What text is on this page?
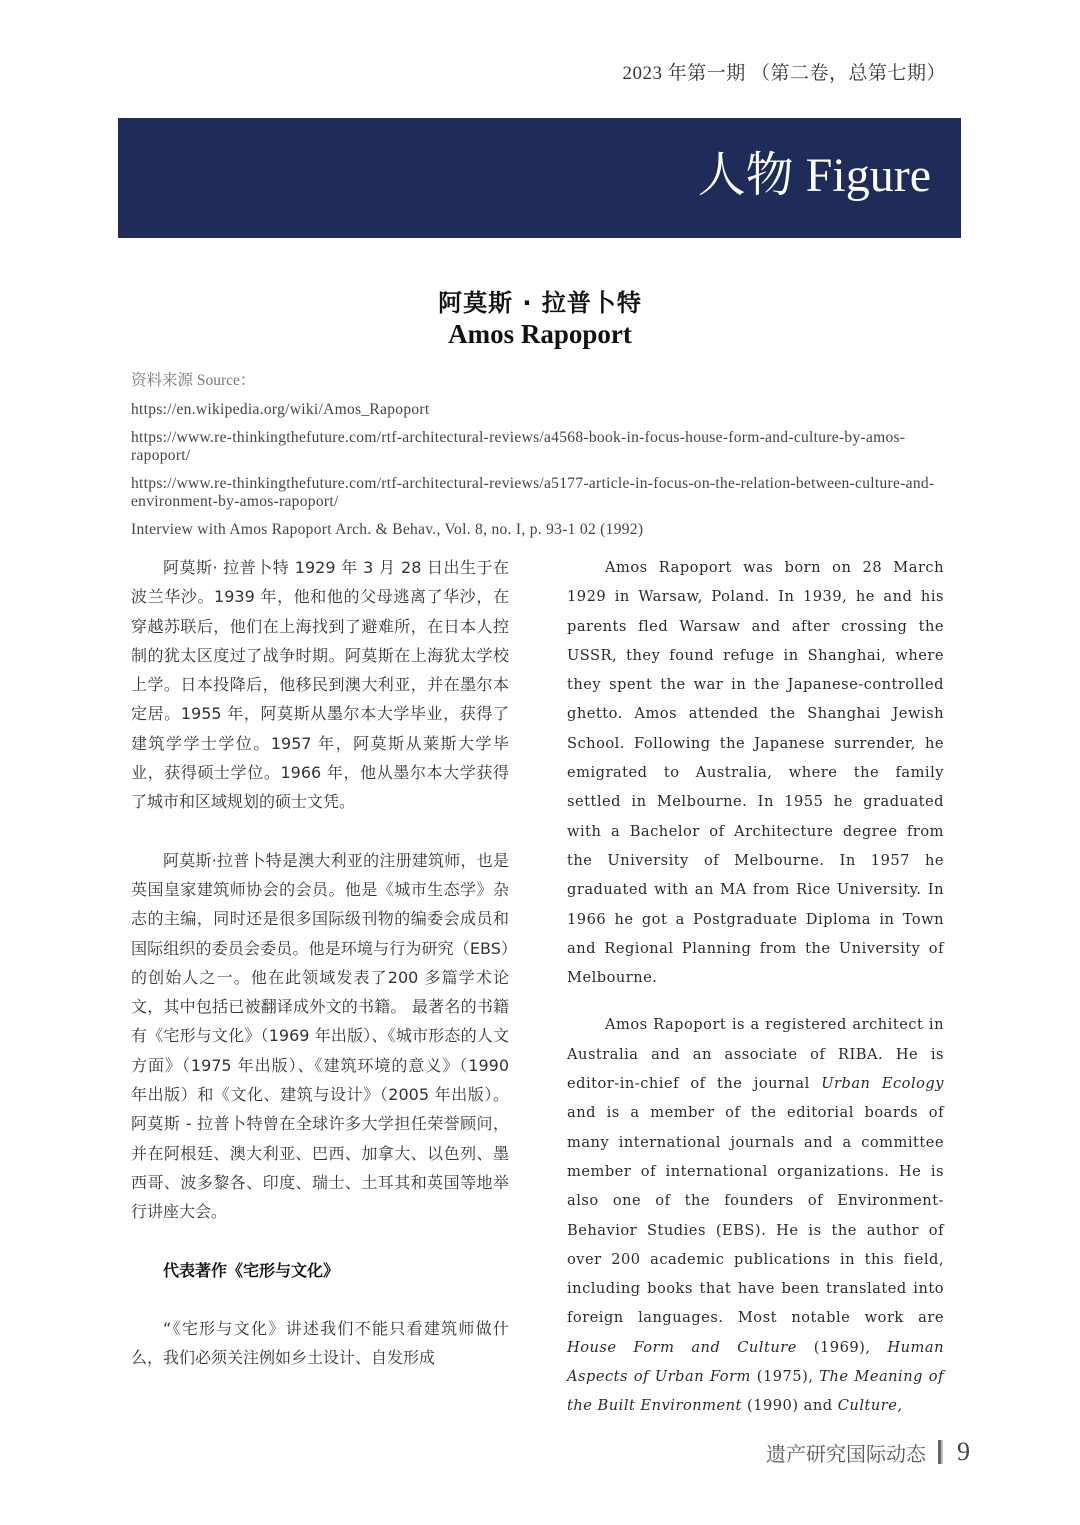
2023 年第一期 （第二卷，总第七期）
人物 Figure
阿莫斯 · 拉普卜特
Amos Rapoport
资料来源 Source：
https://en.wikipedia.org/wiki/Amos_Rapoport
https://www.re-thinkingthefuture.com/rtf-architectural-reviews/a4568-book-in-focus-house-form-and-culture-by-amos-rapoport/
https://www.re-thinkingthefuture.com/rtf-architectural-reviews/a5177-article-in-focus-on-the-relation-between-culture-and-environment-by-amos-rapoport/
Interview with Amos Rapoport Arch. & Behav., Vol. 8, no. I, p. 93-1 02 (1992)

阿莫斯· 拉普卜特 1929 年 3 月 28 日出生于在波兰华沙。1939 年，他和他的父母逃离了华沙，在穿越苏联后，他们在上海找到了避难所，在日本人控制的犹太区度过了战争时期。阿莫斯在上海犹太学校上学。日本投降后，他移民到澳大利亚，并在墨尔本定居。1955 年，阿莫斯从墨尔本大学毕业，获得了建筑学学士学位。1957 年，阿莫斯从莱斯大学毕业，获得硕士学位。1966 年，他从墨尔本大学获得了城市和区域规划的硕士文凭。

阿莫斯·拉普卜特是澳大利亚的注册建筑师，也是英国皇家建筑师协会的会员。他是《城市生态学》杂志的主编，同时还是很多国际级刊物的编委会成员和国际组织的委员会委员。他是环境与行为研究（EBS）的创始人之一。他在此领域发表了200 多篇学术论文，其中包括已被翻译成外文的书籍。 最著名的书籍有《宅形与文化》（1969 年出版）、《城市形态的人文方面》（1975 年出版）、《建筑环境的意义》（1990 年出版）和《文化、建筑与设计》（2005 年出版）。阿莫斯 - 拉普卜特曾在全球许多大学担任荣誉顾问，并在阿根廷、澳大利亚、巴西、加拿大、以色列、墨西哥、波多黎各、印度、瑞士、土耳其和英国等地举行讲座大会。

代表著作《宅形与文化》

“《宅形与文化》讲述我们不能只看建筑师做什么，我们必须关注例如乡土设计、自发形成

Amos Rapoport was born on 28 March 1929 in Warsaw, Poland. In 1939, he and his parents fled Warsaw and after crossing the USSR, they found refuge in Shanghai, where they spent the war in the Japanese-controlled ghetto. Amos attended the Shanghai Jewish School. Following the Japanese surrender, he emigrated to Australia, where the family settled in Melbourne. In 1955 he graduated with a Bachelor of Architecture degree from the University of Melbourne. In 1957 he graduated with an MA from Rice University. In 1966 he got a Postgraduate Diploma in Town and Regional Planning from the University of Melbourne.

Amos Rapoport is a registered architect in Australia and an associate of RIBA. He is editor-in-chief of the journal Urban Ecology and is a member of the editorial boards of many international journals and a committee member of international organizations. He is also one of the founders of Environment-Behavior Studies (EBS). He is the author of over 200 academic publications in this field, including books that have been translated into foreign languages. Most notable work are House Form and Culture (1969), Human Aspects of Urban Form (1975), The Meaning of the Built Environment (1990) and Culture,

遗产研究国际动态 9
